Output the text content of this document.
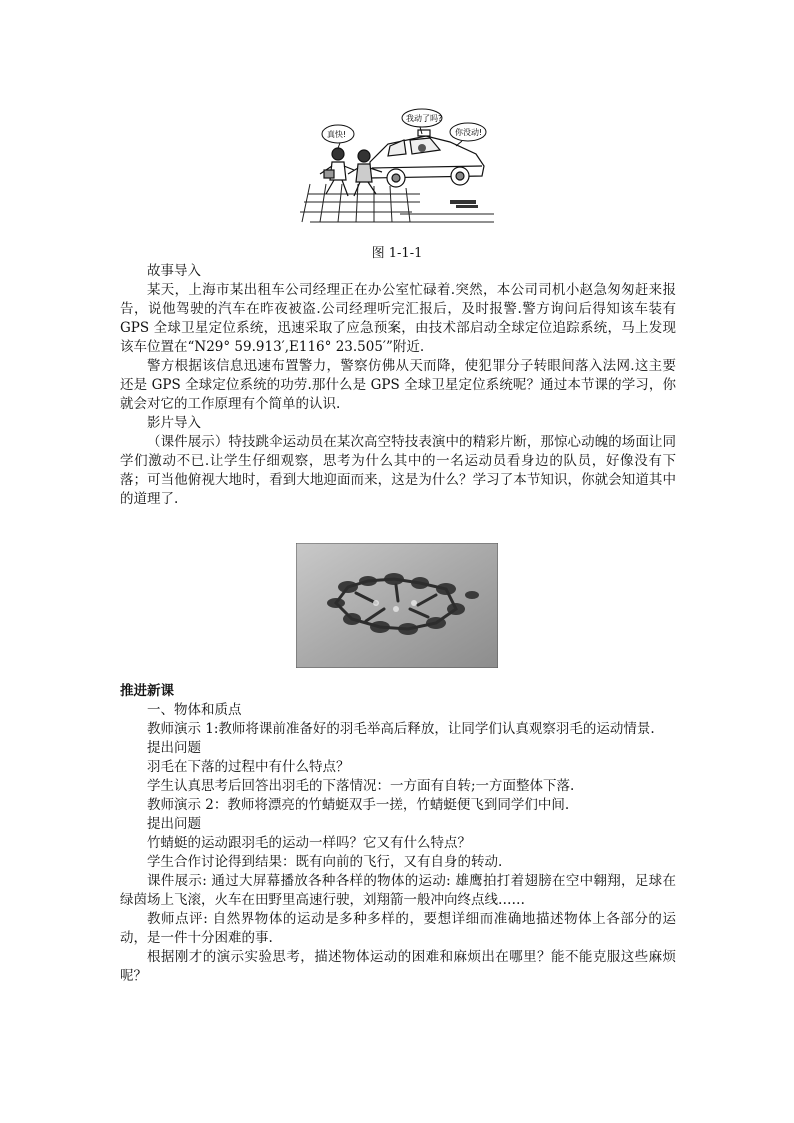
真快!
我动了吗?
你没动!
图 1-1-1

故事导入

某天，上海市某出租车公司经理正在办公室忙碌着.突然，本公司司机小赵急匆匆赶来报告，说他驾驶的汽车在昨夜被盗.公司经理听完汇报后，及时报警.警方询问后得知该车装有 GPS 全球卫星定位系统，迅速采取了应急预案，由技术部启动全球定位追踪系统，马上发现该车位置在“N29° 59.913′,E116° 23.505′”附近.

警方根据该信息迅速布置警力，警察仿佛从天而降，使犯罪分子转眼间落入法网.这主要还是 GPS 全球定位系统的功劳.那什么是 GPS 全球卫星定位系统呢？通过本节课的学习，你就会对它的工作原理有个简单的认识.

影片导入

（课件展示）特技跳伞运动员在某次高空特技表演中的精彩片断，那惊心动魄的场面让同学们激动不已.让学生仔细观察，思考为什么其中的一名运动员看身边的队员，好像没有下落；可当他俯视大地时，看到大地迎面而来，这是为什么？学习了本节知识，你就会知道其中的道理了.

推进新课

一、物体和质点

教师演示 1:教师将课前准备好的羽毛举高后释放，让同学们认真观察羽毛的运动情景.

提出问题

羽毛在下落的过程中有什么特点？

学生认真思考后回答出羽毛的下落情况：一方面有自转;一方面整体下落.

教师演示 2：教师将漂亮的竹蜻蜓双手一搓，竹蜻蜓便飞到同学们中间.

提出问题

竹蜻蜓的运动跟羽毛的运动一样吗？它又有什么特点？

学生合作讨论得到结果：既有向前的飞行，又有自身的转动.

课件展示: 通过大屏幕播放各种各样的物体的运动: 雄鹰拍打着翅膀在空中翱翔，足球在绿茵场上飞滚，火车在田野里高速行驶，刘翔箭一般冲向终点线……

教师点评: 自然界物体的运动是多种多样的，要想详细而准确地描述物体上各部分的运动，是一件十分困难的事.

根据刚才的演示实验思考，描述物体运动的困难和麻烦出在哪里？能不能克服这些麻烦呢？
